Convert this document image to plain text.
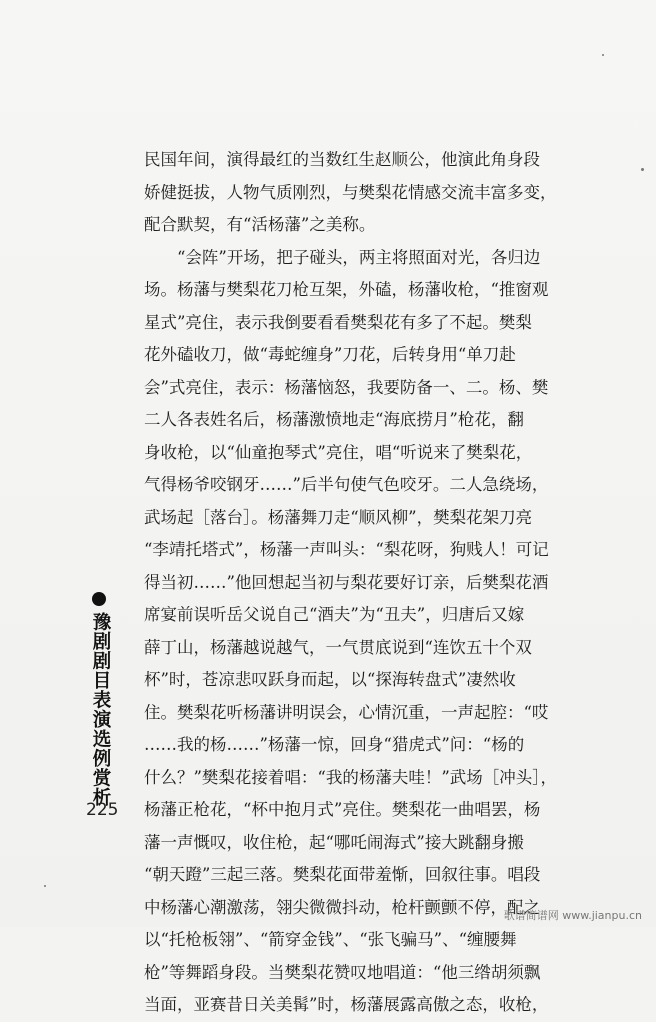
民国年间，演得最红的当数红生赵顺公，他演此角身段
娇健挺拔，人物气质刚烈，与樊梨花情感交流丰富多变，
配合默契，有“活杨藩”之美称。
　　“会阵”开场，把子碰头，两主将照面对光，各归边
场。杨藩与樊梨花刀枪互架，外磕，杨藩收枪，“推窗观
星式”亮住，表示我倒要看看樊梨花有多了不起。樊梨
花外磕收刀，做“毒蛇缠身”刀花，后转身用“单刀赴
会”式亮住，表示：杨藩恼怒，我要防备一、二。杨、樊
二人各表姓名后，杨藩激愤地走“海底捞月”枪花，翻
身收枪，以“仙童抱琴式”亮住，唱“听说来了樊梨花，
气得杨爷咬钢牙……”后半句使气色咬牙。二人急绕场，
武场起［落台］。杨藩舞刀走“顺风柳”，樊梨花架刀亮
“李靖托塔式”，杨藩一声叫头：“梨花呀，狗贱人！可记
得当初……”他回想起当初与梨花要好订亲，后樊梨花酒
席宴前误听岳父说自己“酒夫”为“丑夫”，归唐后又嫁
薛丁山，杨藩越说越气，一气贯底说到“连饮五十个双
杯”时，苍凉悲叹跃身而起，以“探海转盘式”凄然收
住。樊梨花听杨藩讲明误会，心情沉重，一声起腔：“哎
……我的杨……”杨藩一惊，回身“猎虎式”问：“杨的
什么？”樊梨花接着唱：“我的杨藩夫哇！”武场［冲头］，
杨藩正枪花，“杯中抱月式”亮住。樊梨花一曲唱罢，杨
藩一声慨叹，收住枪，起“哪吒闹海式”接大跳翻身搬
“朝天蹬”三起三落。樊梨花面带羞惭，回叙往事。唱段
中杨藩心潮激荡，翎尖微微抖动，枪杆颤颤不停，配之
以“托枪板翎”、“箭穿金钱”、“张飞骗马”、“缠腰舞
枪”等舞蹈身段。当樊梨花赞叹地唱道：“他三绺胡须飘
当面，亚赛昔日关美髯”时，杨藩展露高傲之态，收枪，
豫剧剧目表演选例赏析
225
歌谱简谱网 www.jianpu.cn
